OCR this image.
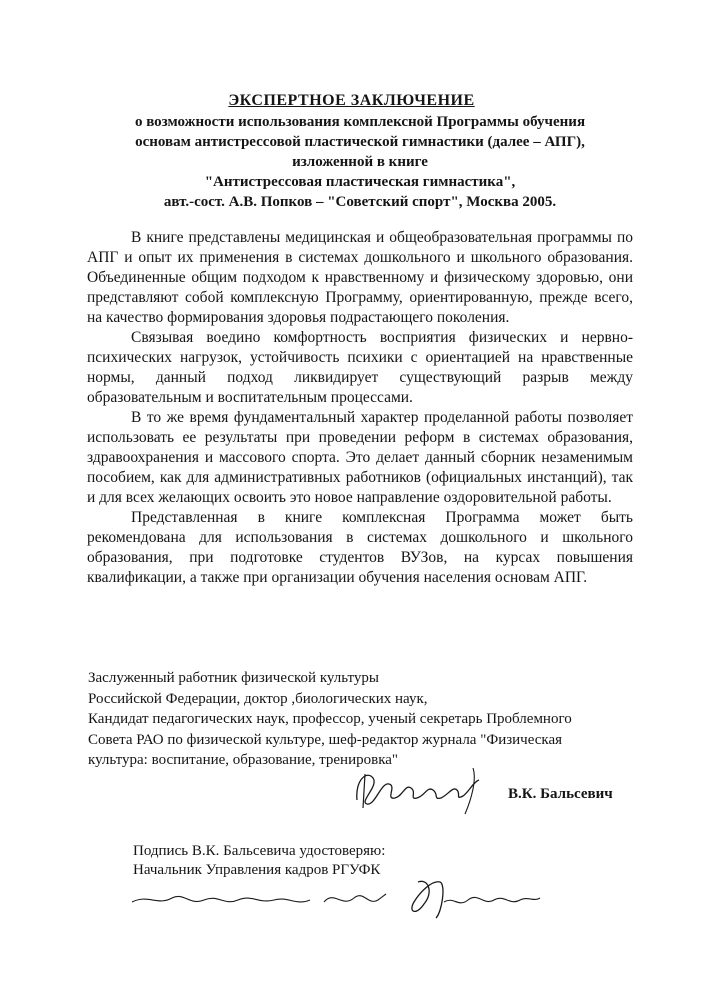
ЭКСПЕРТНОЕ ЗАКЛЮЧЕНИЕ
о возможности использования комплексной Программы обучения
основам антистрессовой пластической гимнастики (далее – АПГ),
изложенной в книге
"Антистрессовая пластическая гимнастика",
авт.-сост. А.В. Попков – "Советский спорт", Москва 2005.

В книге представлены медицинская и общеобразовательная программы по АПГ и опыт их применения в системах дошкольного и школьного образования. Объединенные общим подходом к нравственному и физическому здоровью, они представляют собой комплексную Программу, ориентированную, прежде всего, на качество формирования здоровья подрастающего поколения.

Связывая воедино комфортность восприятия физических и нервно-психических нагрузок, устойчивость психики с ориентацией на нравственные нормы, данный подход ликвидирует существующий разрыв между образовательным и воспитательным процессами.

В то же время фундаментальный характер проделанной работы позволяет использовать ее результаты при проведении реформ в системах образования, здравоохранения и массового спорта. Это делает данный сборник незаменимым пособием, как для административных работников (официальных инстанций), так и для всех желающих освоить это новое направление оздоровительной работы.

Представленная в книге комплексная Программа может быть рекомендована для использования в системах дошкольного и школьного образования, при подготовке студентов ВУЗов, на курсах повышения квалификации, а также при организации обучения населения основам АПГ.

Заслуженный работник физической культуры
Российской Федерации, доктор ,биологических наук,
Кандидат педагогических наук, профессор, ученый секретарь Проблемного
Совета РАО по физической культуре, шеф-редактор журнала "Физическая
культура: воспитание, образование, тренировка"
В.К. Бальсевич
Подпись В.К. Бальсевича удостоверяю:
Начальник Управления кадров РГУФК
